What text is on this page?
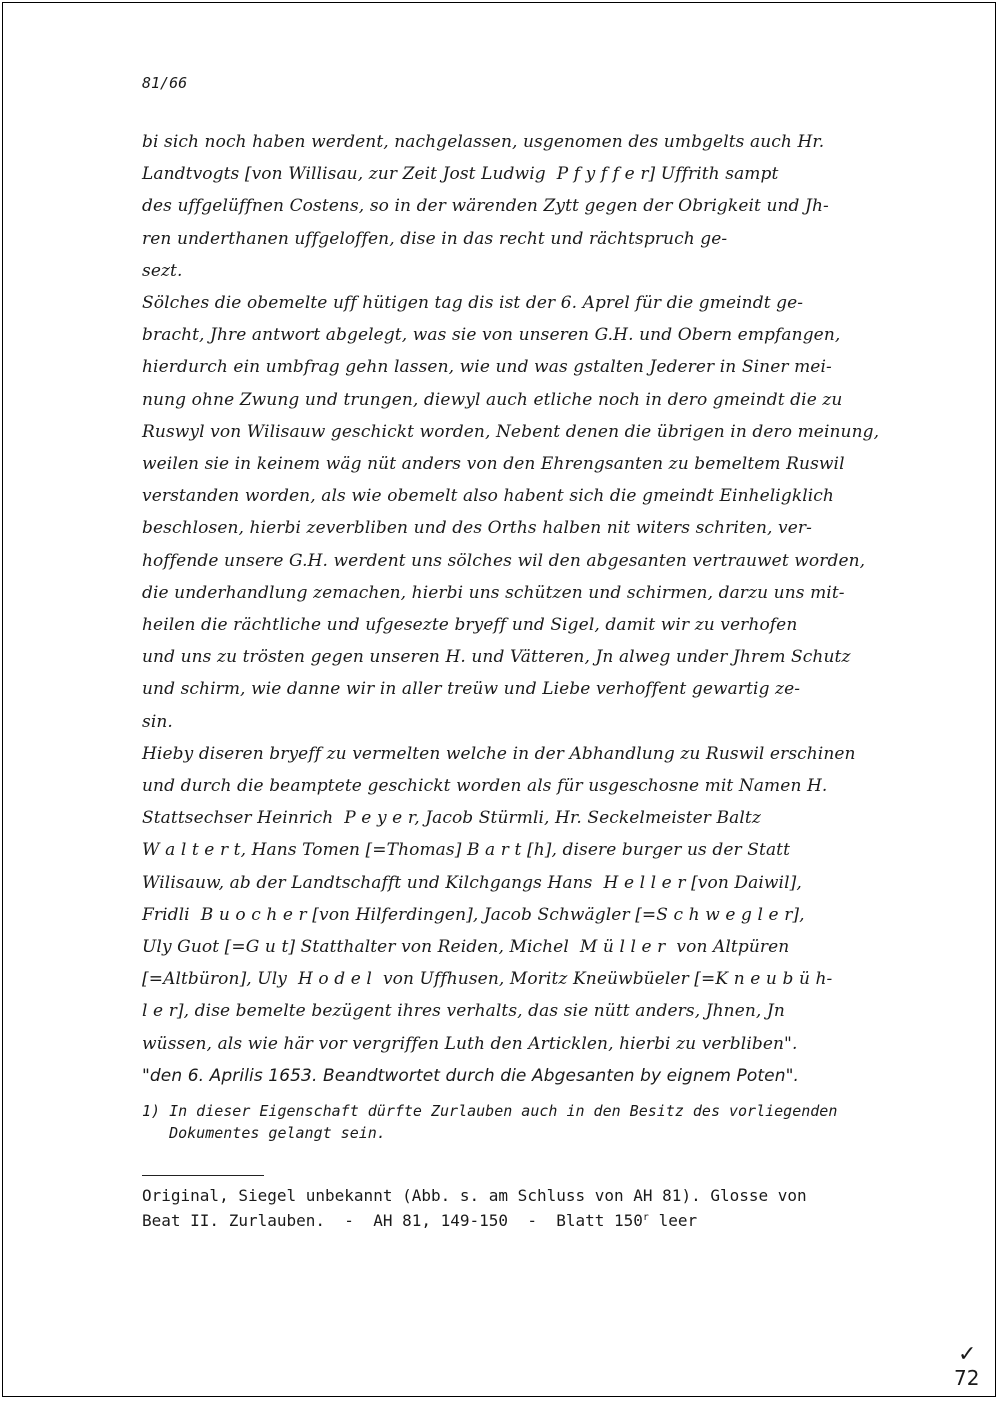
81/66
bi sich noch haben werdent, nachgelassen, usgenomen des umbgelts auch Hr.
Landtvogts [von Willisau, zur Zeit Jost Ludwig  P f y f f e r] Uffrith sampt
des uffgelüffnen Costens, so in der wärenden Zytt gegen der Obrigkeit und Jh-
ren underthanen uffgeloffen, dise in das recht und rächtspruch ge-
sezt.
Sölches die obemelte uff hütigen tag dis ist der 6. Aprel für die gmeindt ge-
bracht, Jhre antwort abgelegt, was sie von unseren G.H. und Obern empfangen,
hierdurch ein umbfrag gehn lassen, wie und was gstalten Jederer in Siner mei-
nung ohne Zwung und trungen, diewyl auch etliche noch in dero gmeindt die zu
Ruswyl von Wilisauw geschickt worden, Nebent denen die übrigen in dero meinung,
weilen sie in keinem wäg nüt anders von den Ehrengsanten zu bemeltem Ruswil
verstanden worden, als wie obemelt also habent sich die gmeindt Einheligklich
beschlosen, hierbi zeverbliben und des Orths halben nit witers schriten, ver-
hoffende unsere G.H. werdent uns sölches wil den abgesanten vertrauwet worden,
die underhandlung zemachen, hierbi uns schützen und schirmen, darzu uns mit-
heilen die rächtliche und ufgesezte bryeff und Sigel, damit wir zu verhofen
und uns zu trösten gegen unseren H. und Vätteren, Jn alweg under Jhrem Schutz
und schirm, wie danne wir in aller treüw und Liebe verhoffent gewartig ze-
sin.
Hieby diseren bryeff zu vermelten welche in der Abhandlung zu Ruswil erschinen
und durch die beamptete geschickt worden als für usgeschosne mit Namen H.
Stattsechser Heinrich  P e y e r, Jacob Stürmli, Hr. Seckelmeister Baltz
W a l t e r t, Hans Tomen [=Thomas] B a r t [h], disere burger us der Statt
Wilisauw, ab der Landtschafft und Kilchgangs Hans  H e l l e r [von Daiwil],
Fridli  B u o c h e r [von Hilferdingen], Jacob Schwägler [=S c h w e g l e r],
Uly Guot [=G u t] Statthalter von Reiden, Michel  M ü l l e r  von Altpüren
[=Altbüron], Uly  H o d e l  von Uffhusen, Moritz Kneüwbüeler [=K n e u b ü h-
l e r], dise bemelte bezügent ihres verhalts, das sie nütt anders, Jhnen, Jn
wüssen, als wie här vor vergriffen Luth den Articklen, hierbi zu verbliben".
"den 6. Aprilis 1653. Beandtwortet durch die Abgesanten by eignem Poten".
1) In dieser Eigenschaft dürfte Zurlauben auch in den Besitz des vorliegenden
Dokumentes gelangt sein.
Original, Siegel unbekannt (Abb. s. am Schluss von AH 81). Glosse von
Beat II. Zurlauben.  -  AH 81, 149-150  -  Blatt 150$^r$ leer
✓
72
